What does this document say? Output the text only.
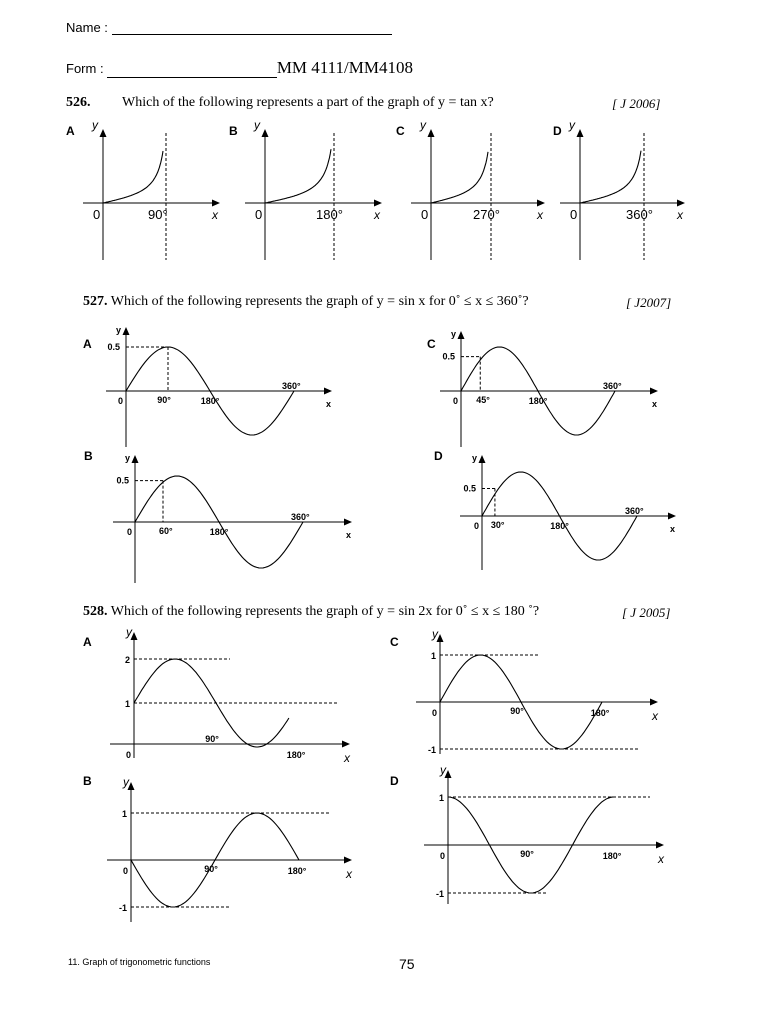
Name :
Form :	MM 4111/MM4108
526. Which of the following represents a part of the graph of y = tan x?	[ J 2006]
A y
0	90°	x
B y
0	180°	x
C y
0	270°	x
D y
0	360° x
527. Which of the following represents the graph of y = sin x for 0˚ ≤ x ≤ 360˚?	[ J2007]
A 0.5
0	90°	180°
360°
x
y
C
0.5
0 45°	180°
360°
x
y
B
0.5
0	60°	180°
360°
x
y	D
0.5
0 30°	180°
360°
x
y
528. Which of the following represents the graph of y = sin 2x for 0˚ ≤ x ≤ 180 ˚?	[ J 2005]
A
2
1
0
90°
180°	x
y
C
1
-1
0	90°	180°	x
y
B
1
-1
0	90°	180°	x
y	D
1
-1
0	90°	180°	x
y
11. Graph of trigonometric functions	75
